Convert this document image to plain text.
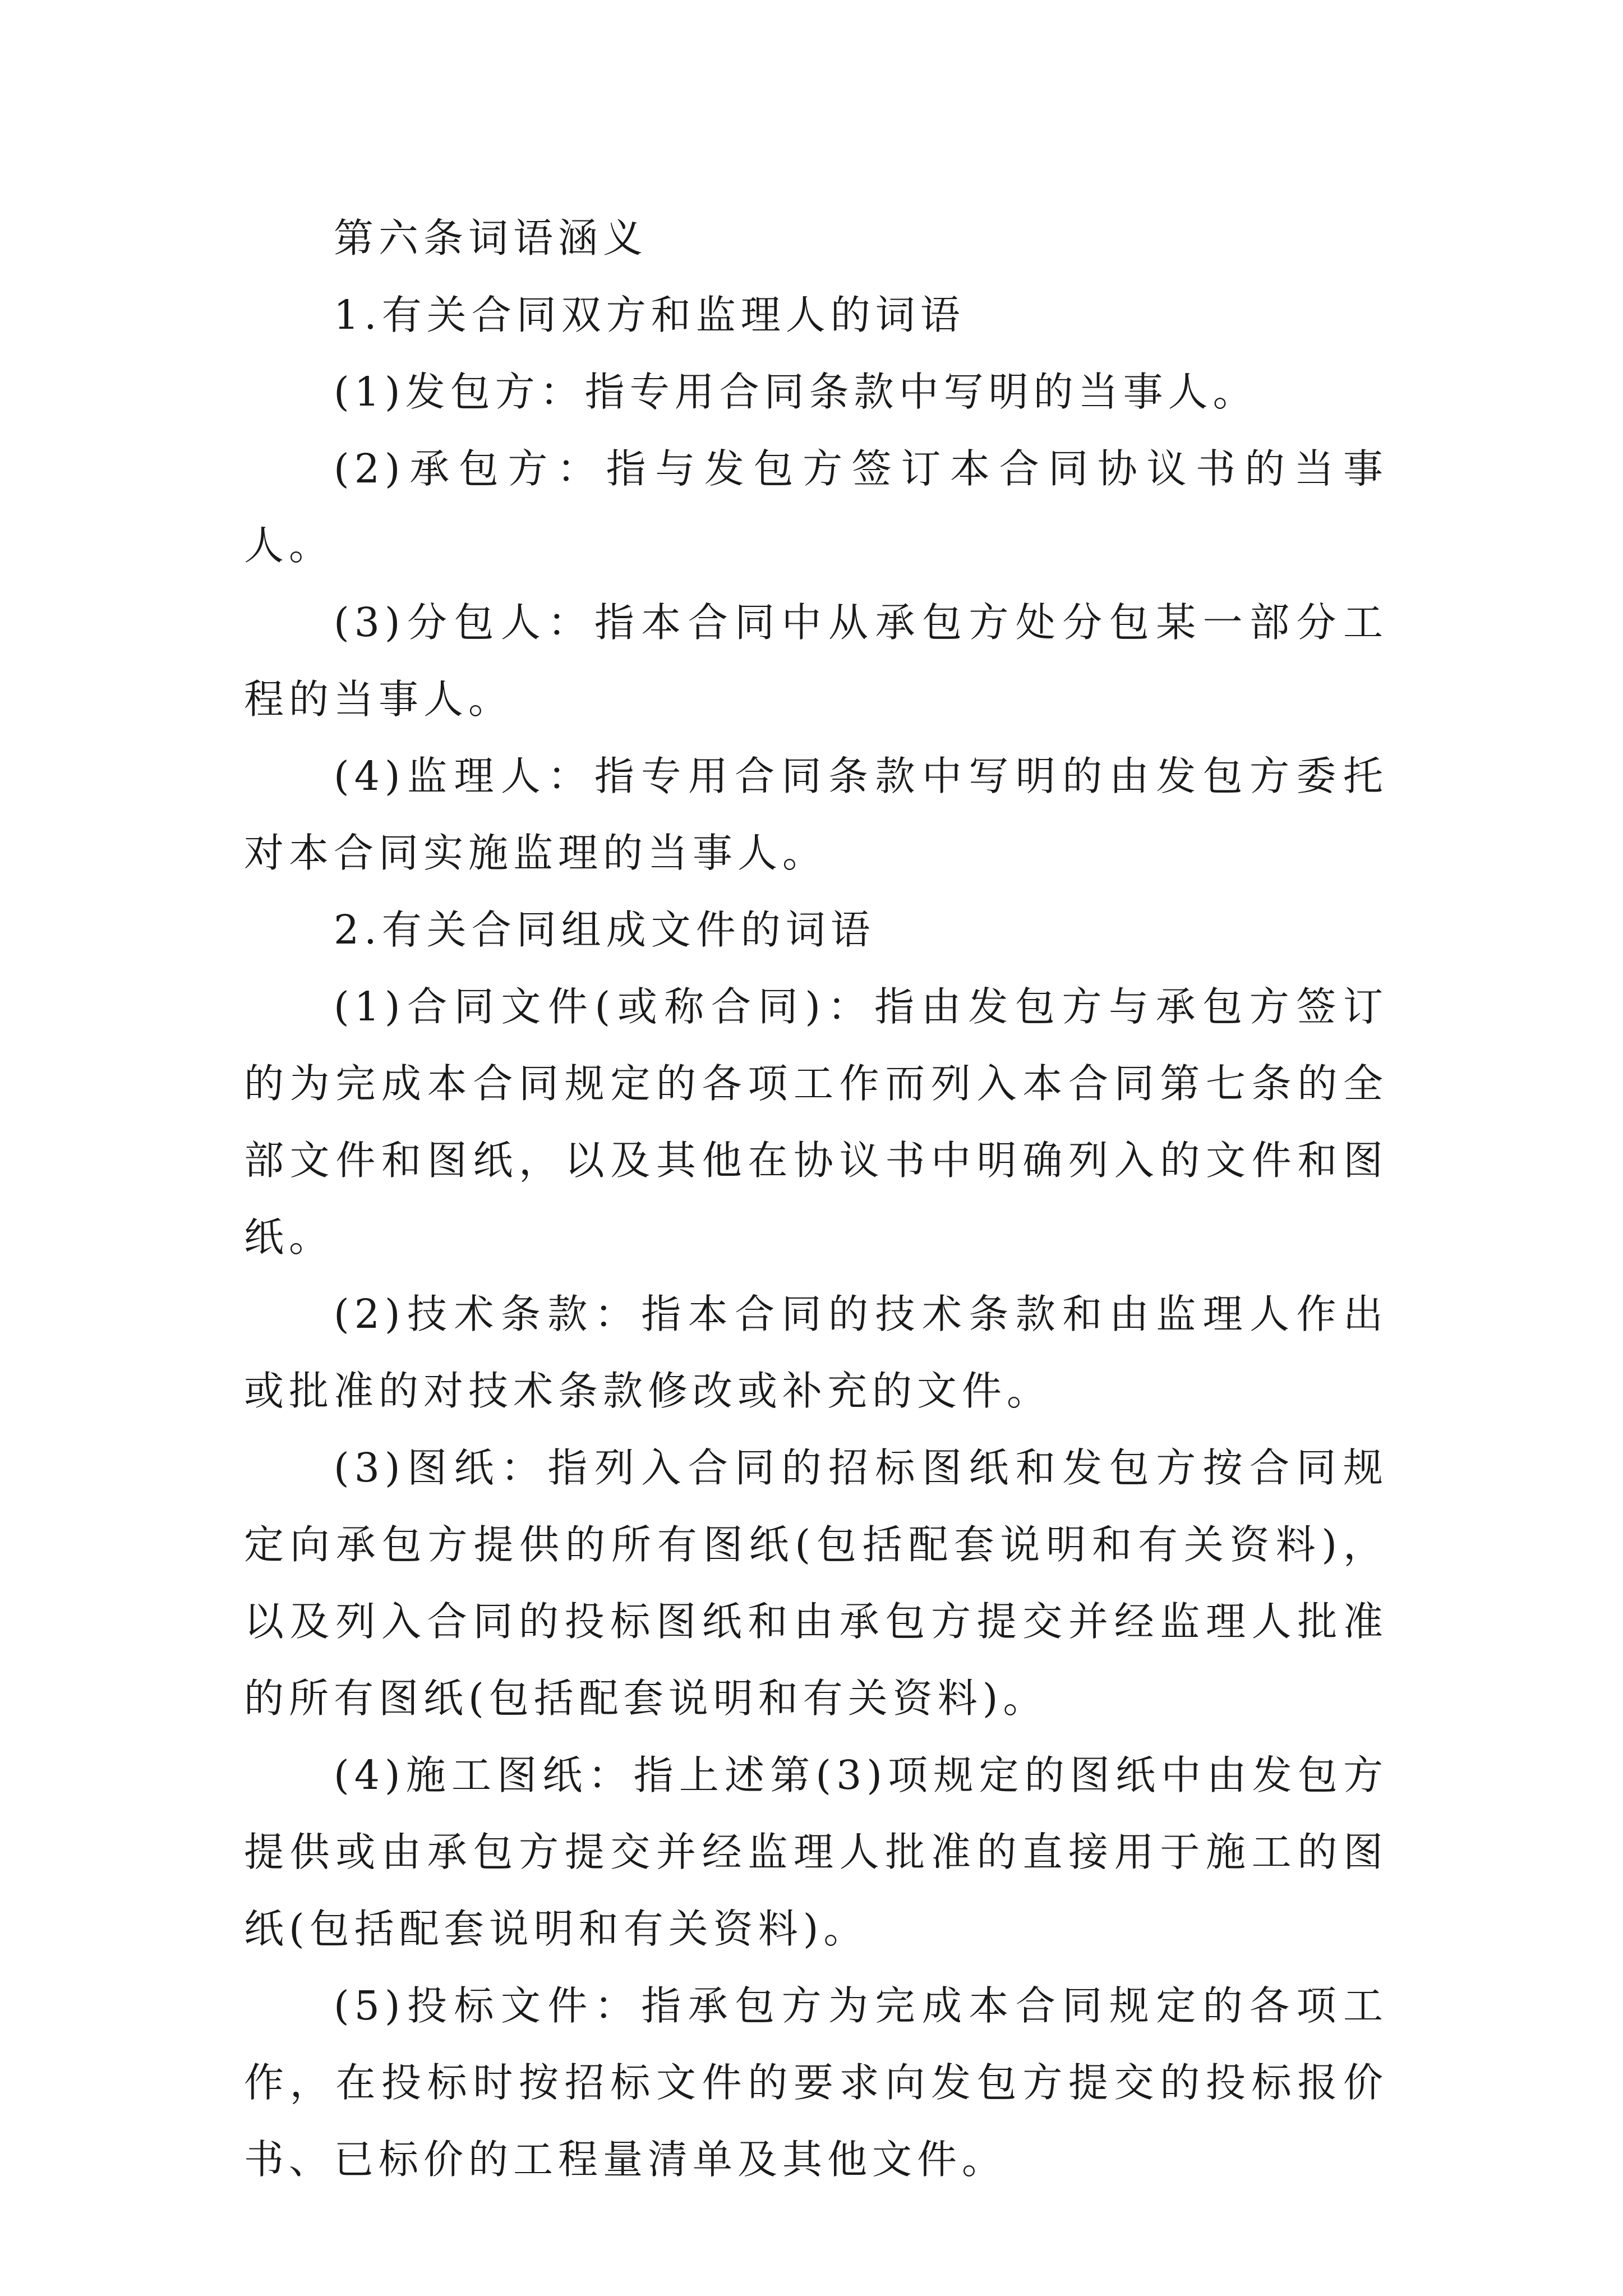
第六条词语涵义

1.有关合同双方和监理人的词语

(1)发包方：指专用合同条款中写明的当事人。

(2)承包方：指与发包方签订本合同协议书的当事人。

(3)分包人：指本合同中从承包方处分包某一部分工程的当事人。

(4)监理人：指专用合同条款中写明的由发包方委托对本合同实施监理的当事人。

2.有关合同组成文件的词语

(1)合同文件(或称合同)：指由发包方与承包方签订的为完成本合同规定的各项工作而列入本合同第七条的全部文件和图纸，以及其他在协议书中明确列入的文件和图纸。

(2)技术条款：指本合同的技术条款和由监理人作出或批准的对技术条款修改或补充的文件。

(3)图纸：指列入合同的招标图纸和发包方按合同规定向承包方提供的所有图纸(包括配套说明和有关资料)，以及列入合同的投标图纸和由承包方提交并经监理人批准的所有图纸(包括配套说明和有关资料)。

(4)施工图纸：指上述第(3)项规定的图纸中由发包方提供或由承包方提交并经监理人批准的直接用于施工的图纸(包括配套说明和有关资料)。

(5)投标文件：指承包方为完成本合同规定的各项工作，在投标时按招标文件的要求向发包方提交的投标报价书、已标价的工程量清单及其他文件。
